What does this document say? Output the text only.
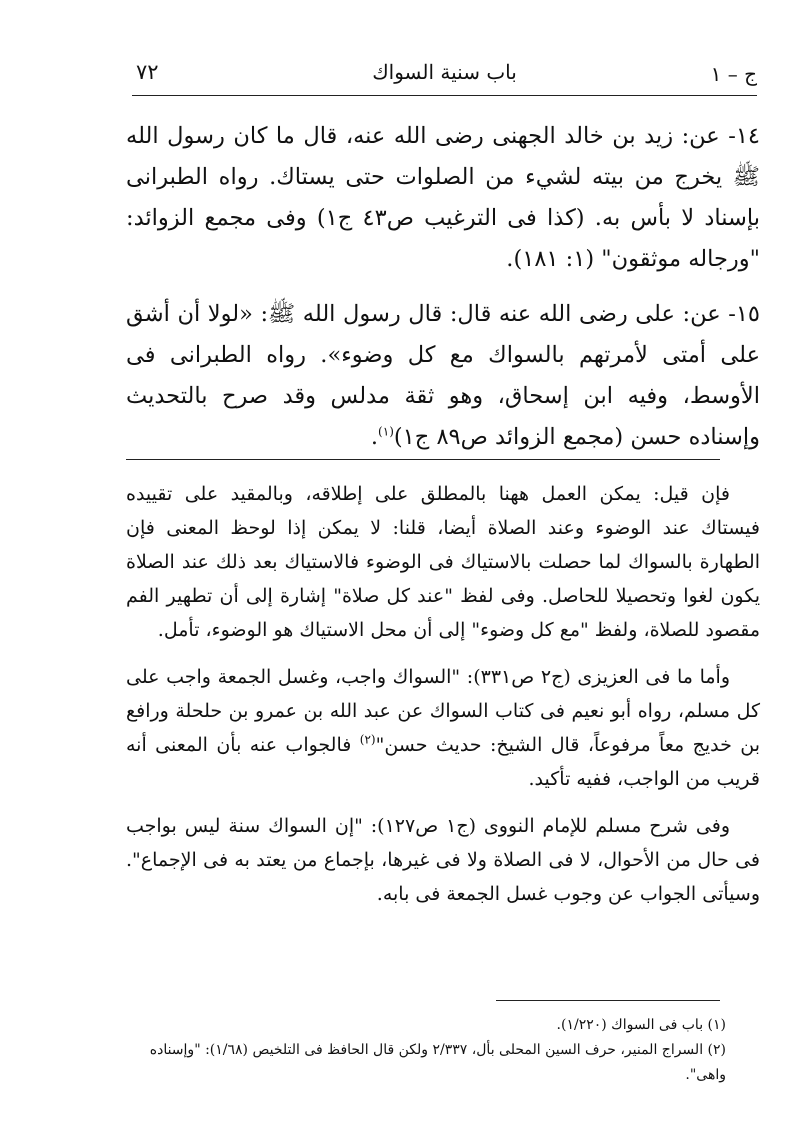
ج – ١
باب سنية السواك
٧٢

١٤- عن: زيد بن خالد الجهنى رضى الله عنه، قال ما كان رسول الله ﷺ يخرج من بيته لشيء من الصلوات حتى يستاك. رواه الطبرانى بإسناد لا بأس به. (كذا فى الترغيب ص٤٣ ج١) وفى مجمع الزوائد: "ورجاله موثقون" (١: ١٨١).

١٥- عن: على رضى الله عنه قال: قال رسول الله ﷺ: «لولا أن أشق على أمتى لأمرتهم بالسواك مع كل وضوء». رواه الطبرانى فى الأوسط، وفيه ابن إسحاق، وهو ثقة مدلس وقد صرح بالتحديث وإسناده حسن (مجمع الزوائد ص٨٩ ج١)$^{(١)}$.

فإن قيل: يمكن العمل ههنا بالمطلق على إطلاقه، وبالمقيد على تقييده فيستاك عند الوضوء وعند الصلاة أيضا، قلنا: لا يمكن إذا لوحظ المعنى فإن الطهارة بالسواك لما حصلت بالاستياك فى الوضوء فالاستياك بعد ذلك عند الصلاة يكون لغوا وتحصيلا للحاصل. وفى لفظ "عند كل صلاة" إشارة إلى أن تطهير الفم مقصود للصلاة، ولفظ "مع كل وضوء" إلى أن محل الاستياك هو الوضوء، تأمل.

وأما ما فى العزيزى (ج٢ ص٣٣١): "السواك واجب، وغسل الجمعة واجب على كل مسلم، رواه أبو نعيم فى كتاب السواك عن عبد الله بن عمرو بن حلحلة ورافع بن خديج معاً مرفوعاً، قال الشيخ: حديث حسن"$^{(٢)}$ فالجواب عنه بأن المعنى أنه قريب من الواجب، ففيه تأكيد.

وفى شرح مسلم للإمام النووى (ج١ ص١٢٧): "إن السواك سنة ليس بواجب فى حال من الأحوال، لا فى الصلاة ولا فى غيرها، بإجماع من يعتد به فى الإجماع". وسيأتى الجواب عن وجوب غسل الجمعة فى بابه.

(١) باب فى السواك (١/٢٢٠).
(٢) السراج المنير، حرف السين المحلى بأل، ٢/٣٣٧ ولكن قال الحافظ فى التلخيص (١/٦٨): "وإسناده واهى".
